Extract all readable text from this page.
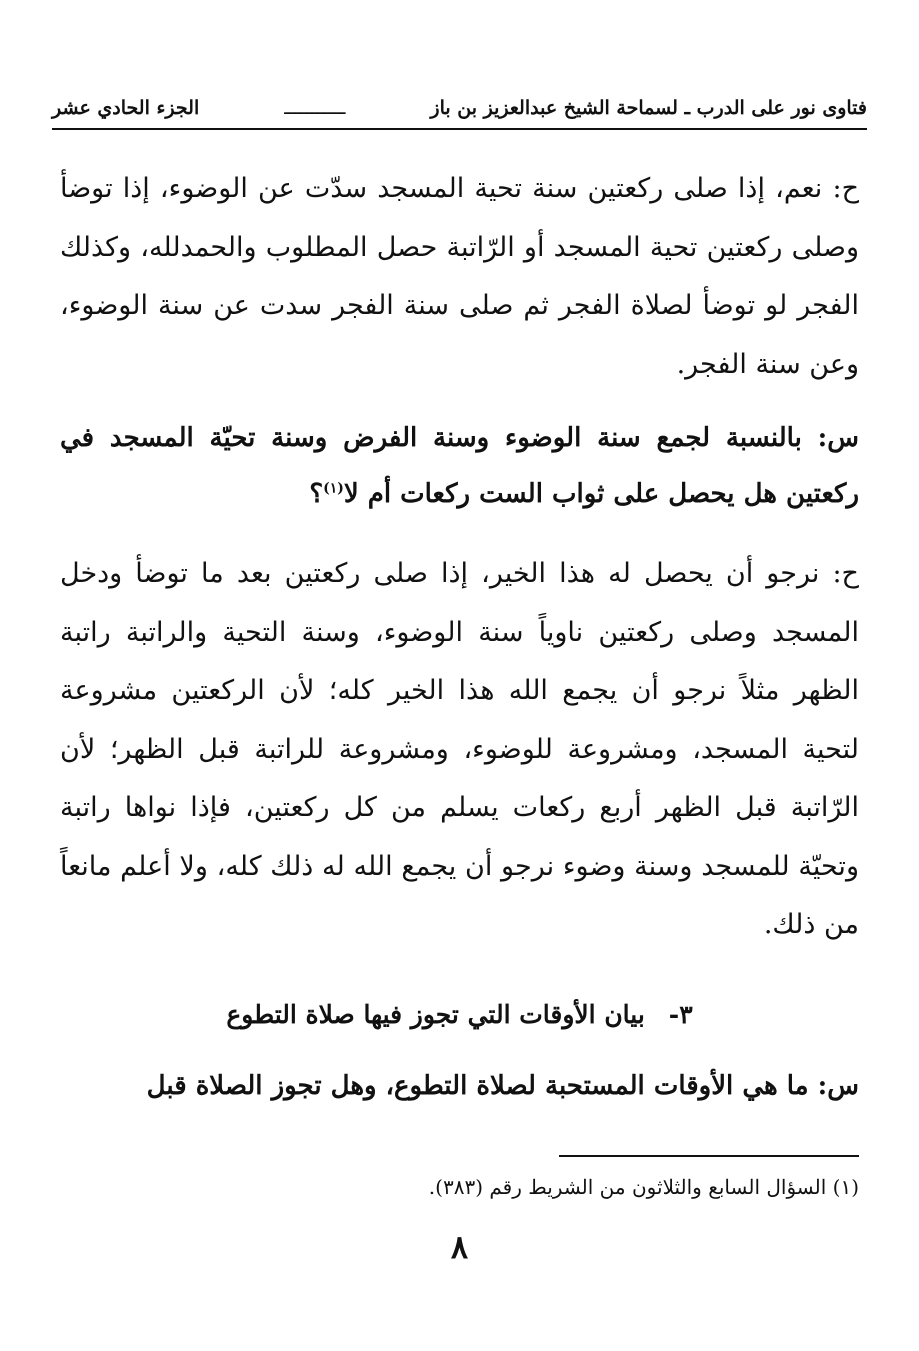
فتاوى نور على الدرب ـ لسماحة الشيخ عبدالعزيز بن باز
ـــــــــــ
الجزء الحادي عشر
ح: نعم، إذا صلى ركعتين سنة تحية المسجد سدّت عن الوضوء، إذا توضأ وصلى ركعتين تحية المسجد أو الرّاتبة حصل المطلوب والحمدلله، وكذلك الفجر لو توضأ لصلاة الفجر ثم صلى سنة الفجر سدت عن سنة الوضوء، وعن سنة الفجر.
س: بالنسبة لجمع سنة الوضوء وسنة الفرض وسنة تحيّة المسجد في ركعتين هل يحصل على ثواب الست ركعات أم لا$^{(١)}$؟
ح: نرجو أن يحصل له هذا الخير، إذا صلى ركعتين بعد ما توضأ ودخل المسجد وصلى ركعتين ناوياً سنة الوضوء، وسنة التحية والراتبة راتبة الظهر مثلاً نرجو أن يجمع الله هذا الخير كله؛ لأن الركعتين مشروعة لتحية المسجد، ومشروعة للوضوء، ومشروعة للراتبة قبل الظهر؛ لأن الرّاتبة قبل الظهر أربع ركعات يسلم من كل ركعتين، فإذا نواها راتبة وتحيّة للمسجد وسنة وضوء نرجو أن يجمع الله له ذلك كله، ولا أعلم مانعاً من ذلك.
٣-بيان الأوقات التي تجوز فيها صلاة التطوع
س: ما هي الأوقات المستحبة لصلاة التطوع، وهل تجوز الصلاة قبل
(١) السؤال السابع والثلاثون من الشريط رقم (٣٨٣).
٨
